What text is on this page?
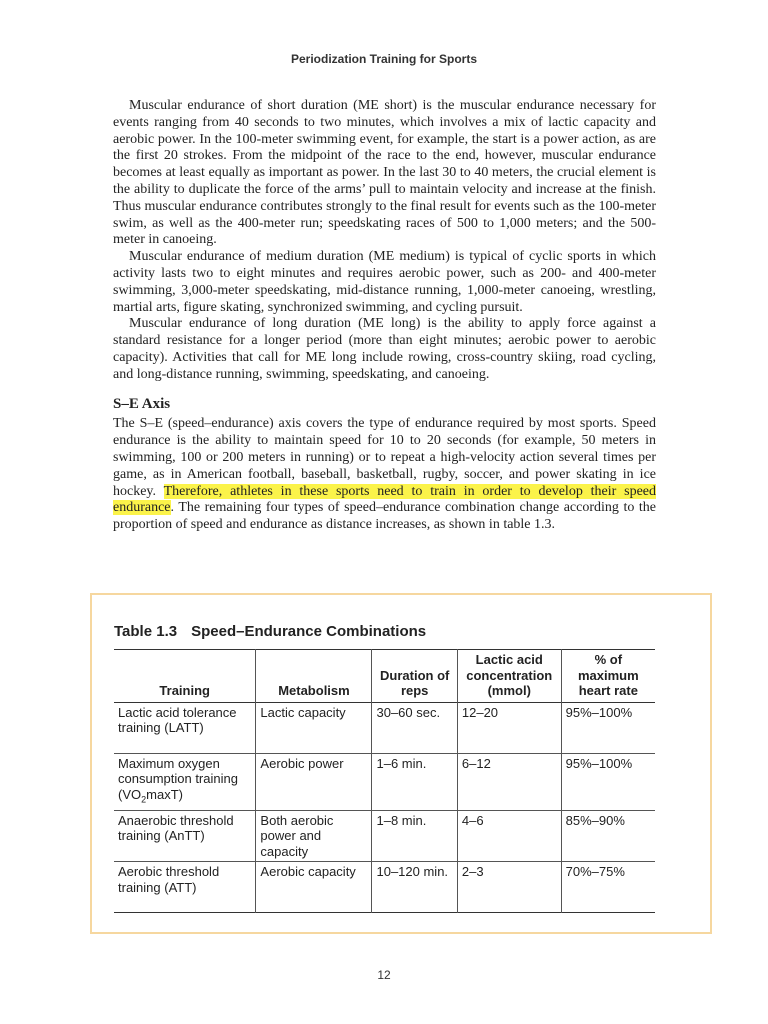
Periodization Training for Sports

Muscular endurance of short duration (ME short) is the muscular endurance necessary for events ranging from 40 seconds to two minutes, which involves a mix of lactic capacity and aerobic power. In the 100-meter swimming event, for example, the start is a power action, as are the first 20 strokes. From the midpoint of the race to the end, however, muscular endurance becomes at least equally as important as power. In the last 30 to 40 meters, the crucial element is the ability to duplicate the force of the arms’ pull to maintain velocity and increase at the finish. Thus muscular endurance contributes strongly to the final result for events such as the 100-meter swim, as well as the 400-meter run; speedskating races of 500 to 1,000 meters; and the 500-meter in canoeing.

Muscular endurance of medium duration (ME medium) is typical of cyclic sports in which activity lasts two to eight minutes and requires aerobic power, such as 200- and 400-meter swimming, 3,000-meter speedskating, mid-distance running, 1,000-meter canoeing, wrestling, martial arts, figure skating, synchronized swimming, and cycling pursuit.

Muscular endurance of long duration (ME long) is the ability to apply force against a standard resistance for a longer period (more than eight minutes; aerobic power to aerobic capacity). Activities that call for ME long include rowing, cross-country skiing, road cycling, and long-distance running, swimming, speedskating, and canoeing.

S–E Axis

The S–E (speed–endurance) axis covers the type of endurance required by most sports. Speed endurance is the ability to maintain speed for 10 to 20 seconds (for example, 50 meters in swimming, 100 or 200 meters in running) or to repeat a high-velocity action several times per game, as in American football, baseball, basketball, rugby, soccer, and power skating in ice hockey. Therefore, athletes in these sports need to train in order to develop their speed endurance. The remaining four types of speed–endurance combination change according to the proportion of speed and endurance as distance increases, as shown in table 1.3.

Table 1.3 Speed–Endurance Combinations
Training	Metabolism	Duration of reps	Lactic acid concentration (mmol)	% of maximum heart rate
Lactic acid tolerance training (LATT)	Lactic capacity	30–60 sec.	12–20	95%–100%
Maximum oxygen consumption training $(VO_2\max T)$	Aerobic power	1–6 min.	6–12	95%–100%
Anaerobic threshold training (AnTT)	Both aerobic power and capacity	1–8 min.	4–6	85%–90%
Aerobic threshold training (ATT)	Aerobic capacity	10–120 min.	2–3	70%–75%
12
